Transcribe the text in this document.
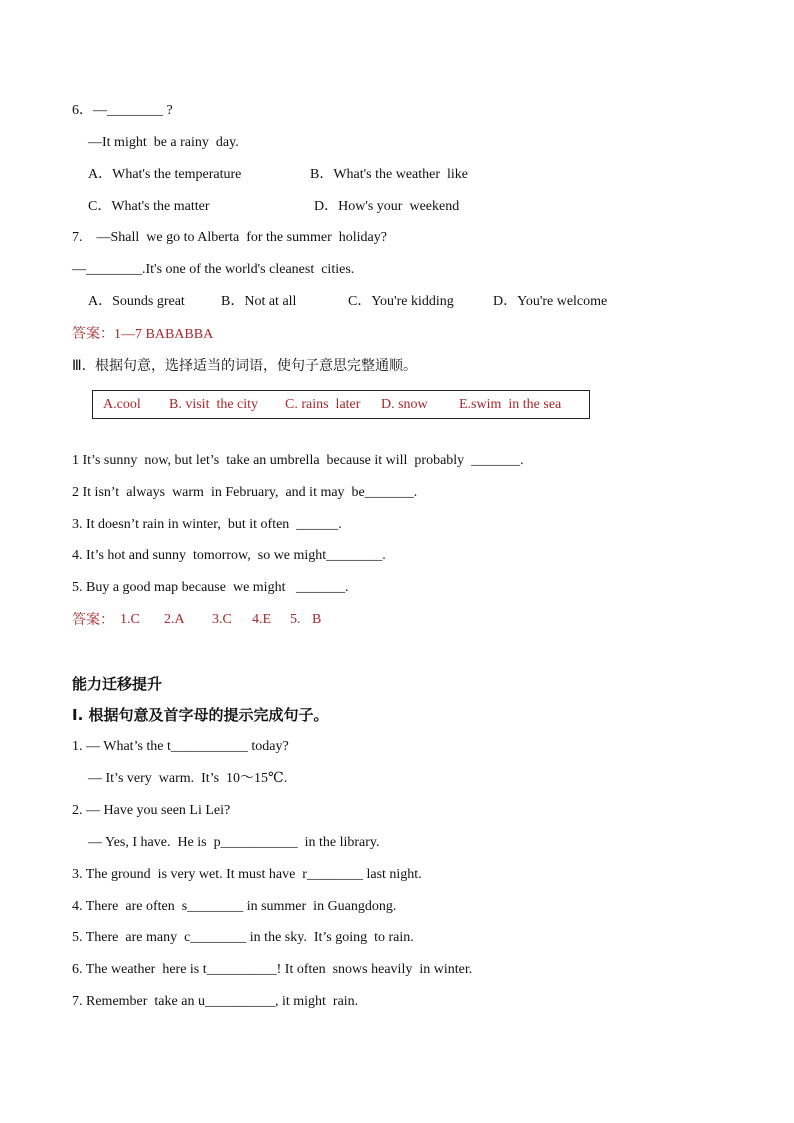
6．—________ ?
—It might  be a rainy  day.

A．What's the temperature

	B．What's the weather  like

C．What's the matter

	D．How's your  weekend

7.　—Shall  we go to Alberta  for the summer  holiday?
—________.It's one of the world's cleanest  cities.

A．Sounds great

	B．Not at all

	C．You're kidding

	D．You're welcome

答案：1—7 BABABBA
Ⅲ.  根据句意，选择适当的词语，使句子意思完整通顺。
A.cool B. visit  the city C. rains  later D. snow E.swim  in the sea
1 It’s sunny  now, but let’s  take an umbrella  because it will  probably  _______.
2 It isn’t  always  warm  in February,  and it may  be_______.
3. It doesn’t rain in winter,  but it often  ______.
4. It’s hot and sunny  tomorrow,  so we might________.
5. Buy a good map because  we might   _______.
答案： 1.C 2.A 3.C 4.E 5. B
能力迁移提升
Ⅰ. 根据句意及首字母的提示完成句子。
1. — What’s the t___________ today?
— It’s very  warm.  It’s  10～15℃.
2. — Have you seen Li Lei?
— Yes, I have.  He is  p___________  in the library.
3. The ground  is very wet. It must have  r________ last night.
4. There  are often  s________ in summer  in Guangdong.
5. There  are many  c________ in the sky.  It’s going  to rain.
6. The weather  here is t__________! It often  snows heavily  in winter.
7. Remember  take an u__________, it might  rain.
